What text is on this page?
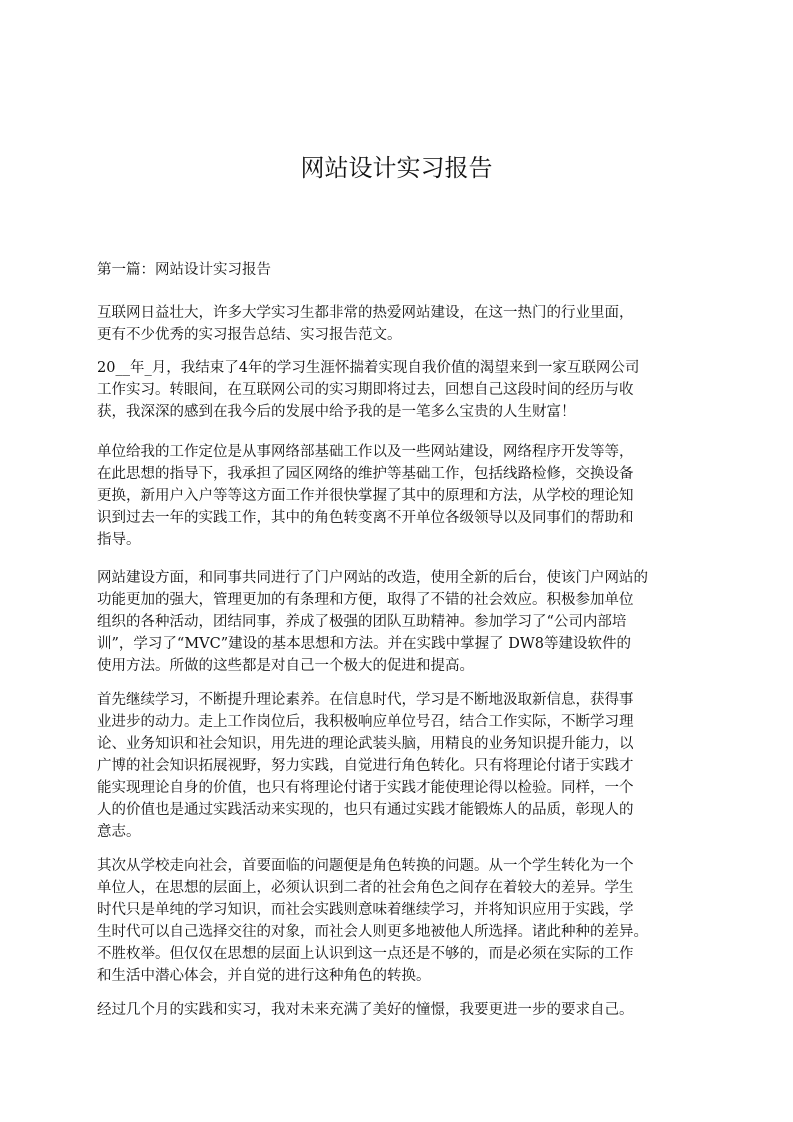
网站设计实习报告
第一篇：网站设计实习报告
互联网日益壮大，许多大学实习生都非常的热爱网站建设，在这一热门的行业里面，
更有不少优秀的实习报告总结、实习报告范文。
20__年_月，我结束了4年的学习生涯怀揣着实现自我价值的渴望来到一家互联网公司
工作实习。转眼间，在互联网公司的实习期即将过去，回想自己这段时间的经历与收
获，我深深的感到在我今后的发展中给予我的是一笔多么宝贵的人生财富！
单位给我的工作定位是从事网络部基础工作以及一些网站建设，网络程序开发等等，
在此思想的指导下，我承担了园区网络的维护等基础工作，包括线路检修，交换设备
更换，新用户入户等等这方面工作并很快掌握了其中的原理和方法，从学校的理论知
识到过去一年的实践工作，其中的角色转变离不开单位各级领导以及同事们的帮助和
指导。
网站建设方面，和同事共同进行了门户网站的改造，使用全新的后台，使该门户网站的
功能更加的强大，管理更加的有条理和方便，取得了不错的社会效应。积极参加单位
组织的各种活动，团结同事，养成了极强的团队互助精神。参加学习了“公司内部培
训”，学习了“MVC”建设的基本思想和方法。并在实践中掌握了 DW8等建设软件的
使用方法。所做的这些都是对自己一个极大的促进和提高。
首先继续学习，不断提升理论素养。在信息时代，学习是不断地汲取新信息，获得事
业进步的动力。走上工作岗位后，我积极响应单位号召，结合工作实际，不断学习理
论、业务知识和社会知识，用先进的理论武装头脑，用精良的业务知识提升能力，以
广博的社会知识拓展视野，努力实践，自觉进行角色转化。只有将理论付诸于实践才
能实现理论自身的价值，也只有将理论付诸于实践才能使理论得以检验。同样，一个
人的价值也是通过实践活动来实现的，也只有通过实践才能锻炼人的品质，彰现人的
意志。
其次从学校走向社会，首要面临的问题便是角色转换的问题。从一个学生转化为一个
单位人，在思想的层面上，必须认识到二者的社会角色之间存在着较大的差异。学生
时代只是单纯的学习知识，而社会实践则意味着继续学习，并将知识应用于实践，学
生时代可以自己选择交往的对象，而社会人则更多地被他人所选择。诸此种种的差异。
不胜枚举。但仅仅在思想的层面上认识到这一点还是不够的，而是必须在实际的工作
和生活中潜心体会，并自觉的进行这种角色的转换。
经过几个月的实践和实习，我对未来充满了美好的憧憬，我要更进一步的要求自己。
